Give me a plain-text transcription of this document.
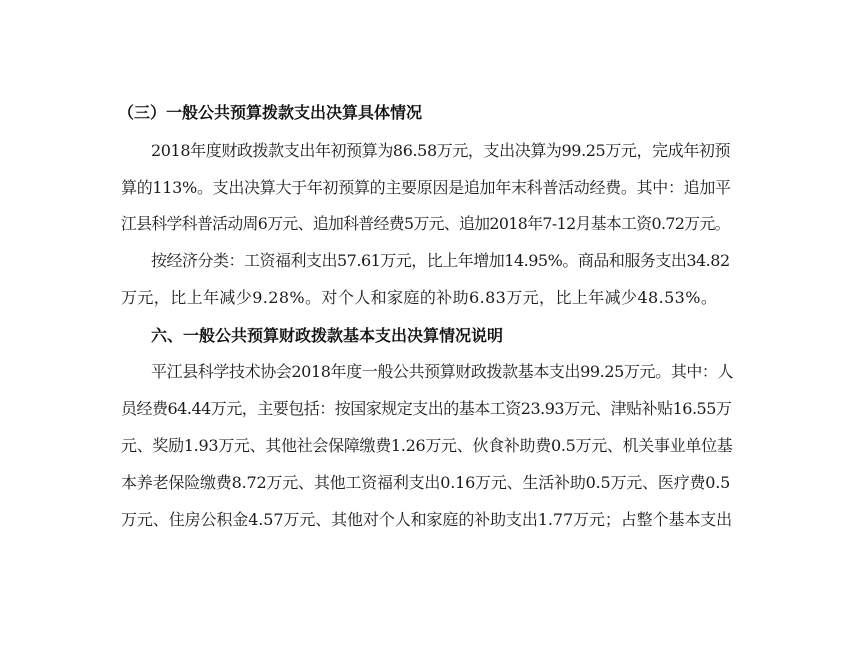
（三）一般公共预算拨款支出决算具体情况
2018年度财政拨款支出年初预算为86.58万元，支出决算为99.25万元，完成年初预
算的113%。支出决算大于年初预算的主要原因是追加年末科普活动经费。其中：追加平
江县科学科普活动周6万元、追加科普经费5万元、追加2018年7-12月基本工资0.72万元。
按经济分类：工资福利支出57.61万元，比上年增加14.95%。商品和服务支出34.82
万元，比上年减少9.28%。对个人和家庭的补助6.83万元，比上年减少48.53%。
六、一般公共预算财政拨款基本支出决算情况说明
平江县科学技术协会2018年度一般公共预算财政拨款基本支出99.25万元。其中：人
员经费64.44万元，主要包括：按国家规定支出的基本工资23.93万元、津贴补贴16.55万
元、奖励1.93万元、其他社会保障缴费1.26万元、伙食补助费0.5万元、机关事业单位基
本养老保险缴费8.72万元、其他工资福利支出0.16万元、生活补助0.5万元、医疗费0.5
万元、住房公积金4.57万元、其他对个人和家庭的补助支出1.77万元；占整个基本支出
